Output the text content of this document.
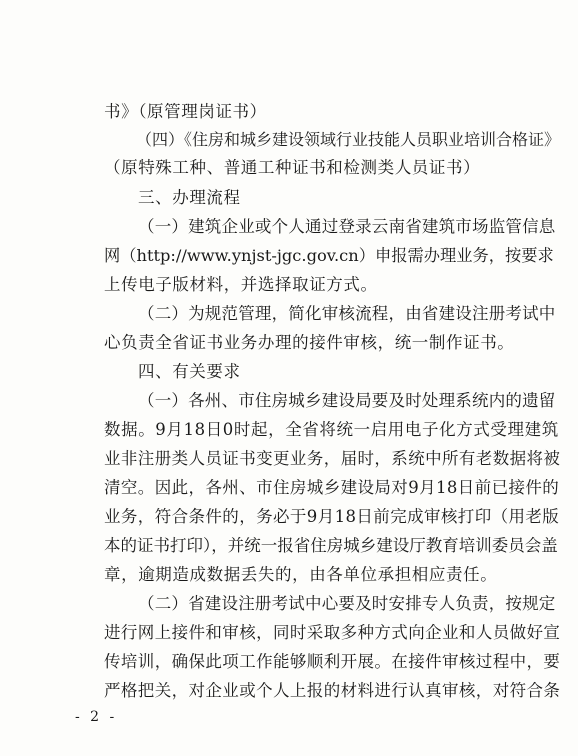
书》（原管理岗证书）
（四）《住房和城乡建设领域行业技能人员职业培训合格证》
（原特殊工种、普通工种证书和检测类人员证书）
三、办理流程
（一）建筑企业或个人通过登录云南省建筑市场监管信息
网（http://www.ynjst-jgc.gov.cn）申报需办理业务，按要求
上传电子版材料，并选择取证方式。
（二）为规范管理，简化审核流程，由省建设注册考试中
心负责全省证书业务办理的接件审核，统一制作证书。
四、有关要求
（一）各州、市住房城乡建设局要及时处理系统内的遗留
数据。9月18日0时起，全省将统一启用电子化方式受理建筑
业非注册类人员证书变更业务，届时，系统中所有老数据将被
清空。因此，各州、市住房城乡建设局对9月18日前已接件的
业务，符合条件的，务必于9月18日前完成审核打印（用老版
本的证书打印），并统一报省住房城乡建设厅教育培训委员会盖
章，逾期造成数据丢失的，由各单位承担相应责任。
（二）省建设注册考试中心要及时安排专人负责，按规定
进行网上接件和审核，同时采取多种方式向企业和人员做好宣
传培训，确保此项工作能够顺利开展。在接件审核过程中，要
严格把关，对企业或个人上报的材料进行认真审核，对符合条
- 2 -
